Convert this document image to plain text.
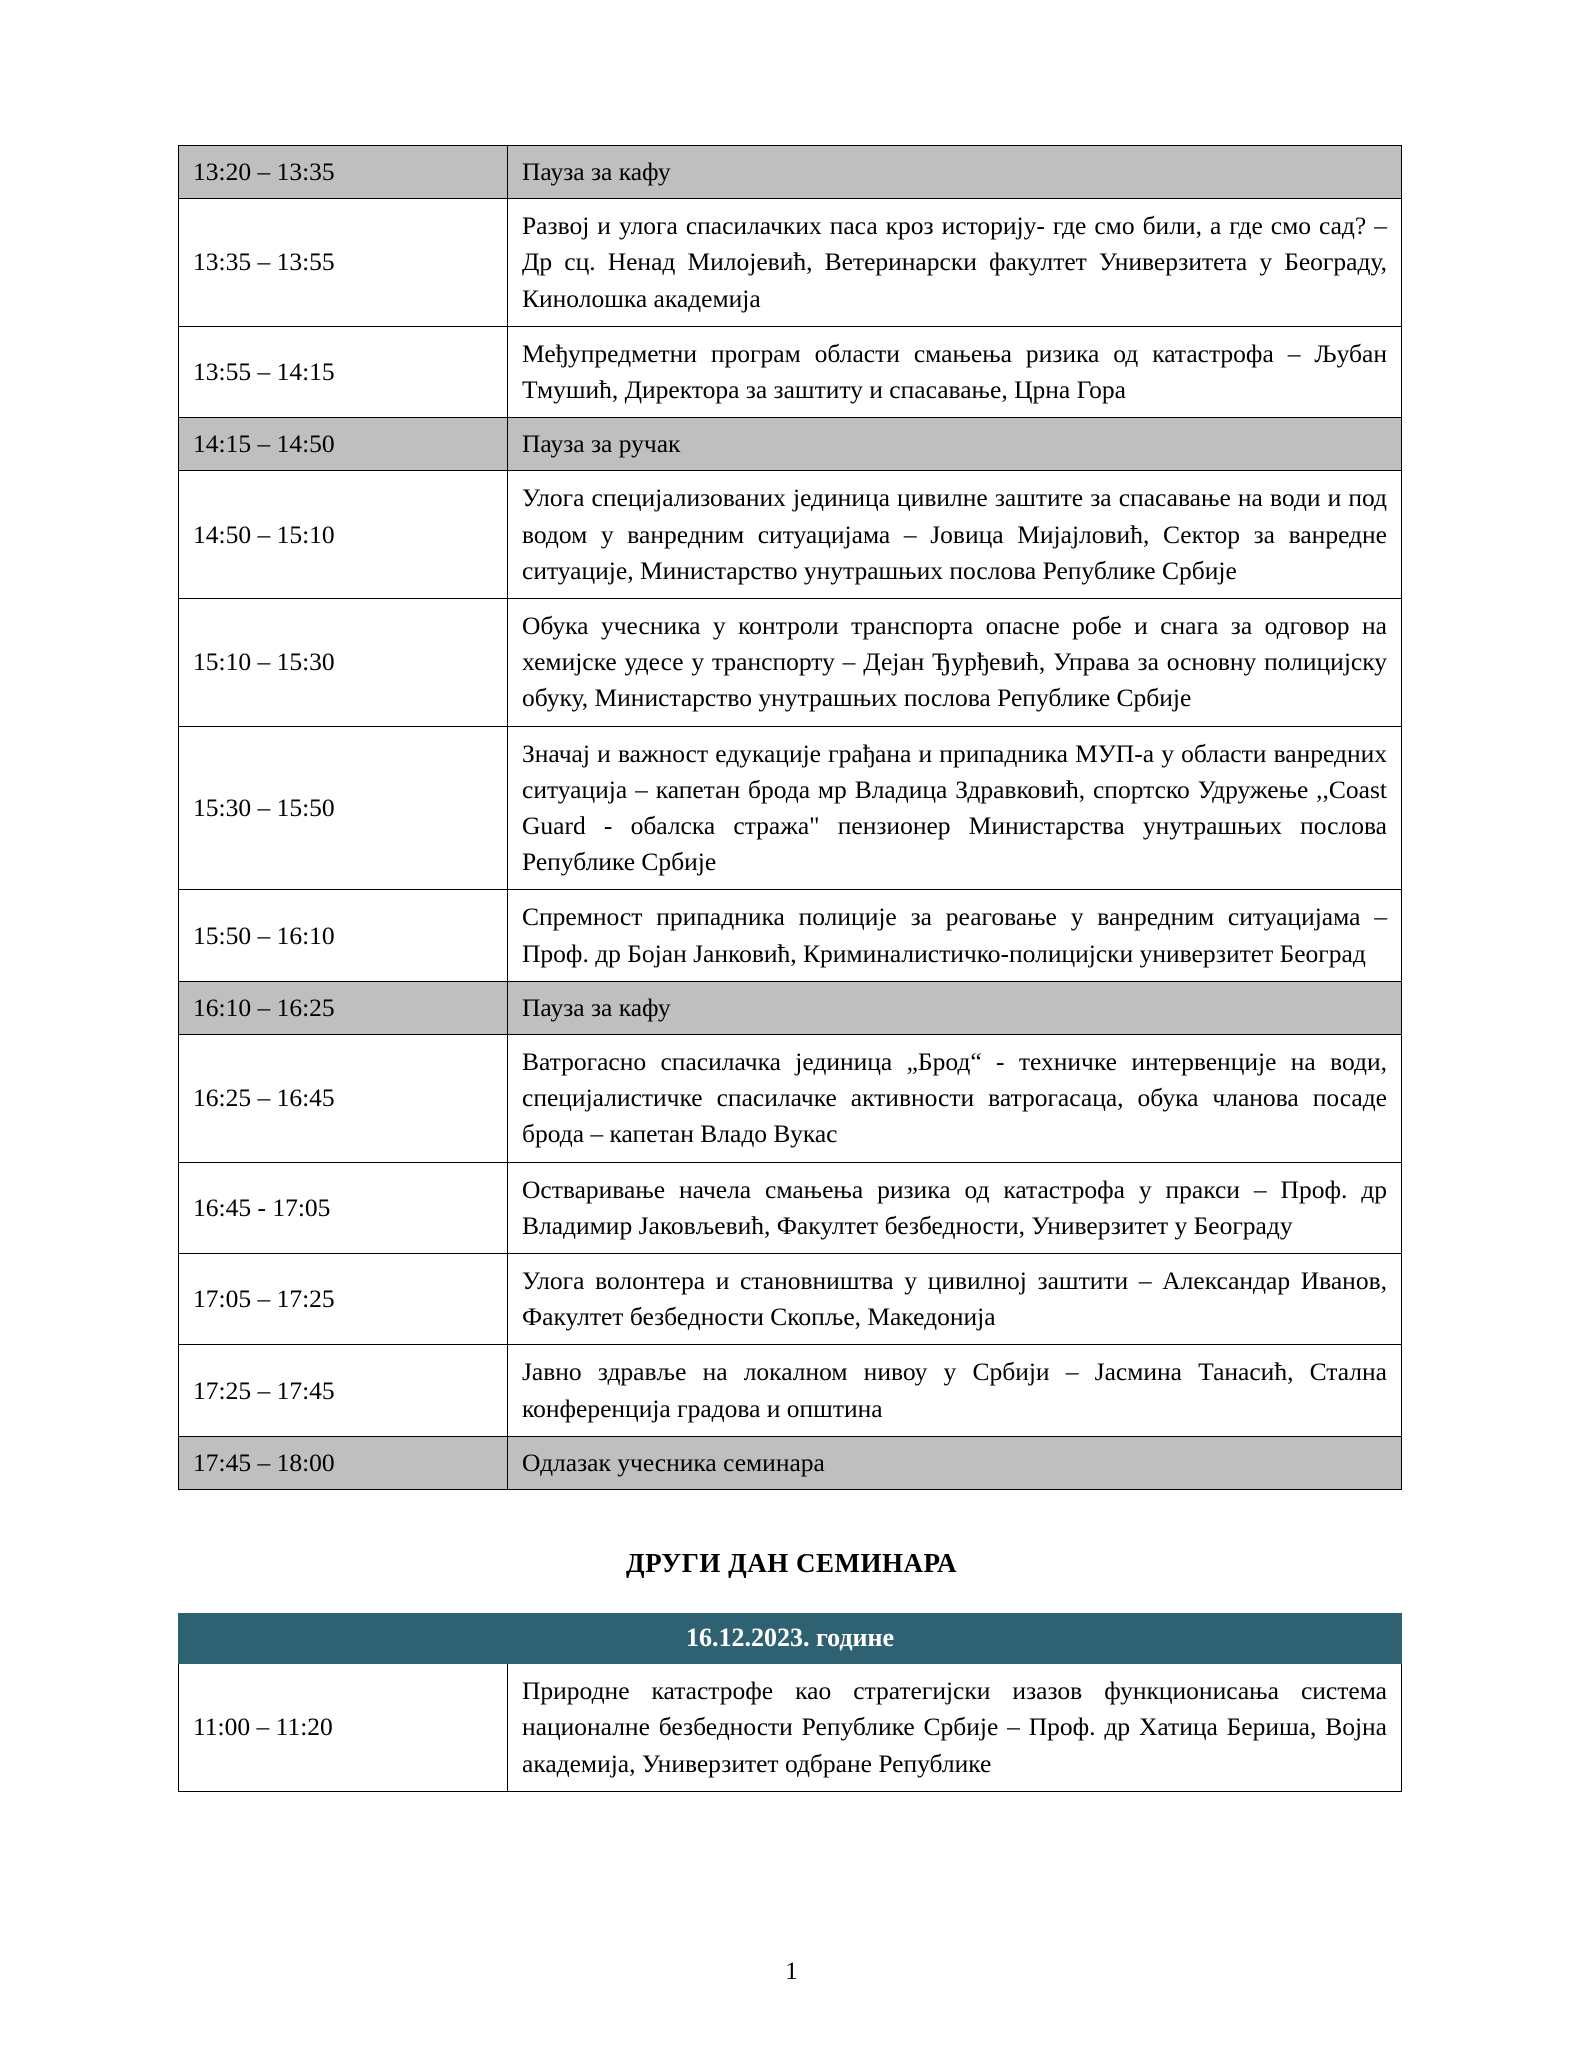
13:20 – 13:35	Пауза за кафу
13:35 – 13:55	Развој и улога спасилачких паса кроз историју- где смо били, а где смо сад? – Др сц. Ненад Милојевић, Ветеринарски факултет Универзитета у Београду, Кинолошка академија
13:55 – 14:15	Међупредметни програм области смањења ризика од катастрофа – Љубан Тмушић, Директора за заштиту и спасавање, Црна Гора
14:15 – 14:50	Пауза за ручак
14:50 – 15:10	Улога специјализованих јединица цивилне заштите за спасавање на води и под водом у ванредним ситуацијама – Јовица Мијајловић, Сектор за ванредне ситуације, Министарство унутрашњих послова Републике Србије
15:10 – 15:30	Обука учесника у контроли транспорта опасне робе и снага за одговор на хемијске удесе у транспорту – Дејан Ђурђевић, Управа за основну полицијску обуку, Министарство унутрашњих послова Републике Србије
15:30 – 15:50	Значај и важност едукације грађана и припадника МУП-а у области ванредних ситуација – капетан брода мр Владица Здравковић, спортско Удружење ,,Coast Guard - обалска стража" пензионер Министарства унутрашњих послова Републике Србије
15:50 – 16:10	Спремност припадника полиције за реаговање у ванредним ситуацијама – Проф. др Бојан Јанковић, Криминалистичко-полицијски универзитет Београд
16:10 – 16:25	Пауза за кафу
16:25 – 16:45	Ватрогасно спасилачка јединица „Брод“ - техничке интервенције на води, специјалистичке спасилачке активности ватрогасаца, обука чланова посаде брода – капетан Владо Вукас
16:45 - 17:05	Остваривање начела смањења ризика од катастрофа у пракси – Проф. др Владимир Јаковљевић, Факултет безбедности, Универзитет у Београду
17:05 – 17:25	Улога волонтера и становништва у цивилној заштити – Александар Иванов, Факултет безбедности Скопље, Македонија
17:25 – 17:45	Јавно здравље на локалном нивоу у Србији – Јасмина Танасић, Стална конференција градова и општина
17:45 – 18:00	Одлазак учесника семинара
ДРУГИ ДАН СЕМИНАРА
16.12.2023. године
11:00 – 11:20	Природне катастрофе као стратегијски изазов функционисања система националне безбедности Републике Србије – Проф. др Хатица Бериша, Војна академија, Универзитет одбране Републике
1
